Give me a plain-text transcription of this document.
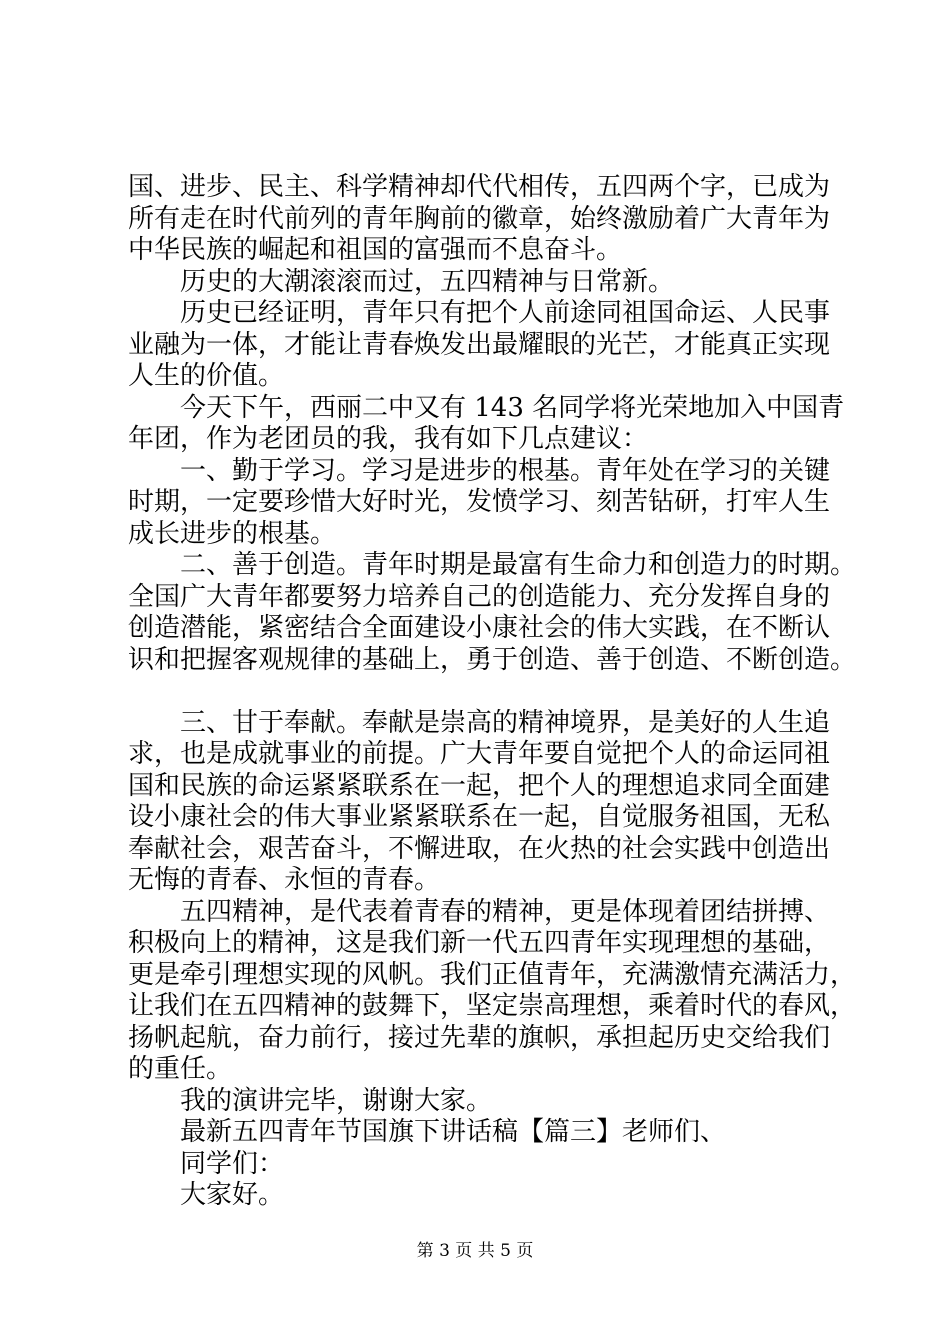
国、进步、民主、科学精神却代代相传，五四两个字，已成为
所有走在时代前列的青年胸前的徽章，始终激励着广大青年为
中华民族的崛起和祖国的富强而不息奋斗。

历史的大潮滚滚而过，五四精神与日常新。

历史已经证明，青年只有把个人前途同祖国命运、人民事
业融为一体，才能让青春焕发出最耀眼的光芒，才能真正实现
人生的价值。

今天下午，西丽二中又有 143 名同学将光荣地加入中国青
年团，作为老团员的我，我有如下几点建议：

一、勤于学习。学习是进步的根基。青年处在学习的关键
时期，一定要珍惜大好时光，发愤学习、刻苦钻研，打牢人生
成长进步的根基。

二、善于创造。青年时期是最富有生命力和创造力的时期。
全国广大青年都要努力培养自己的创造能力、充分发挥自身的
创造潜能，紧密结合全面建设小康社会的伟大实践，在不断认
识和把握客观规律的基础上，勇于创造、善于创造、不断创造。

三、甘于奉献。奉献是崇高的精神境界，是美好的人生追
求，也是成就事业的前提。广大青年要自觉把个人的命运同祖
国和民族的命运紧紧联系在一起，把个人的理想追求同全面建
设小康社会的伟大事业紧紧联系在一起，自觉服务祖国，无私
奉献社会，艰苦奋斗，不懈进取，在火热的社会实践中创造出
无悔的青春、永恒的青春。

五四精神，是代表着青春的精神，更是体现着团结拼搏、
积极向上的精神，这是我们新一代五四青年实现理想的基础，
更是牵引理想实现的风帆。我们正值青年，充满激情充满活力，
让我们在五四精神的鼓舞下，坚定崇高理想，乘着时代的春风，
扬帆起航，奋力前行，接过先辈的旗帜，承担起历史交给我们
的重任。

我的演讲完毕，谢谢大家。

最新五四青年节国旗下讲话稿【篇三】老师们、

同学们：

大家好。

第 3 页 共 5 页
